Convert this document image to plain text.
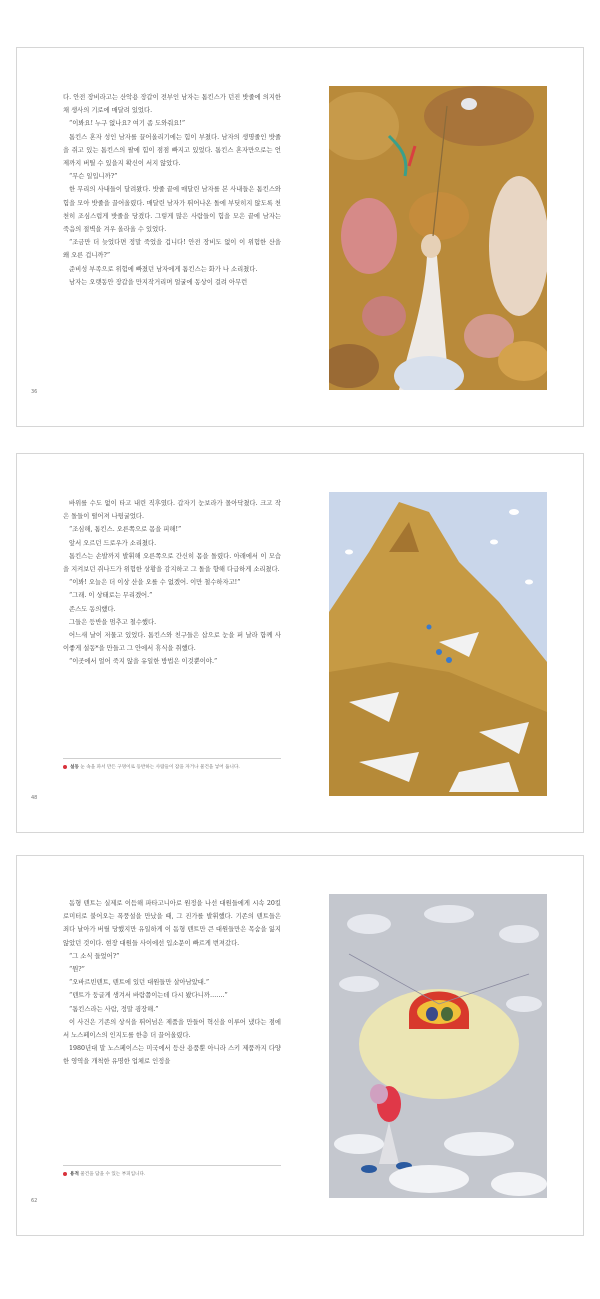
다. 안전 장비라고는 산악용 장갑이 전부인 남자는 톰킨스가 던진 밧줄에 의지한 채 생사의 기로에 매달려 있었다.

“이봐요! 누구 없나요? 여기 좀 도와줘요!”

톰킨스 혼자 성인 남자를 끌어올리기에는 힘이 부쳤다. 남자의 생명줄인 밧줄을 쥐고 있는 톰킨스의 팔에 힘이 점점 빠지고 있었다. 톰킨스 혼자만으로는 언제까지 버틸 수 있을지 확신이 서지 않았다.

“무슨 일입니까?”

한 무리의 사내들이 달려왔다. 밧줄 끝에 매달린 남자를 본 사내들은 톰킨스와 힘을 모아 밧줄을 끌어올렸다. 매달린 남자가 뛰어나온 돌에 부딪히지 않도록 천천히 조심스럽게 밧줄을 당겼다. 그렇게 많은 사람들이 힘을 모은 끝에 남자는 죽음의 절벽을 겨우 올라올 수 있었다.

“조금만 더 늦었다면 정말 죽었을 겁니다! 안전 장비도 없이 이 위험한 산을 왜 오른 겁니까?”

준비성 부족으로 위험에 빠졌던 남자에게 톰킨스는 화가 나 소리쳤다.

남자는 오랫동안 장갑을 만지작거리며 얼굴에 동상이 걸려 아무런

36

바위를 수도 없이 타고 내린 직후였다. 갑자기 눈보라가 몰아닥쳤다. 크고 작은 돌들이 떨어져 나뒹굴었다.

“조심해, 톰킨스. 오른쪽으로 몸을 피해!”

앞서 오르던 드로우가 소리쳤다.

톰킨스는 손발까지 발휘해 오른쪽으로 간신히 몸을 돌렸다. 아래에서 이 모습을 지켜보던 쥐나드가 위험한 상황을 감지하고 그 돌을 향해 다급하게 소리쳤다.

“이봐! 오늘은 더 이상 산을 오를 수 없겠어. 이만 철수하자고!”

“그래. 이 상태로는 무리겠어.”

존스도 동의했다.

그들은 등반을 멈추고 철수했다.

어느새 날이 저물고 있었다. 톰킨스와 친구들은 삽으로 눈을 퍼 날라 함께 사이좋게 설동*을 만들고 그 안에서 휴식을 취했다.

“이곳에서 얼어 죽지 않을 유일한 방법은 이것뿐이야.”

설동 눈 속을 파서 만든 구멍이로 등반하는 사람들이 잠을 자거나 물건을 넣어 둡니다.
48

돔형 텐트는 실제로 이듬해 파타고니아로 원정을 나선 대원들에게 시속 20킬로미터로 불어오는 폭풍설을 만났을 때, 그 진가를 발휘했다. 기존의 텐트들은 죄다 날아가 버릴 당했지만 유일하게 이 돔형 텐트만 큰 대원들만은 목숨을 잃지 않았던 것이다. 현장 대원들 사이에선 입소문이 빠르게 번져갔다.

“그 소식 들었어?”

“뭔?”

“오바르빈텐트, 텐트에 있던 대원들만 살아남았대.”

“텐트가 둥글게 생겨서 바람쯤이는데 다시 봤다니까…….”

“톰킨스라는 사람, 정말 굉장해.”

이 사건은 기존의 상식을 뛰어넘은 제품을 만들어 혁신을 이루어 냈다는 점에서 노스페이스의 인지도를 한층 더 끌어올렸다.

1980년대 말 노스페이스는 미국에서 등산 용품뿐 아니라 스키 제품까지 다양한 영역을 개척한 유명한 업체로 인정을

용적 물건을 담을 수 있는 부피입니다.
62
